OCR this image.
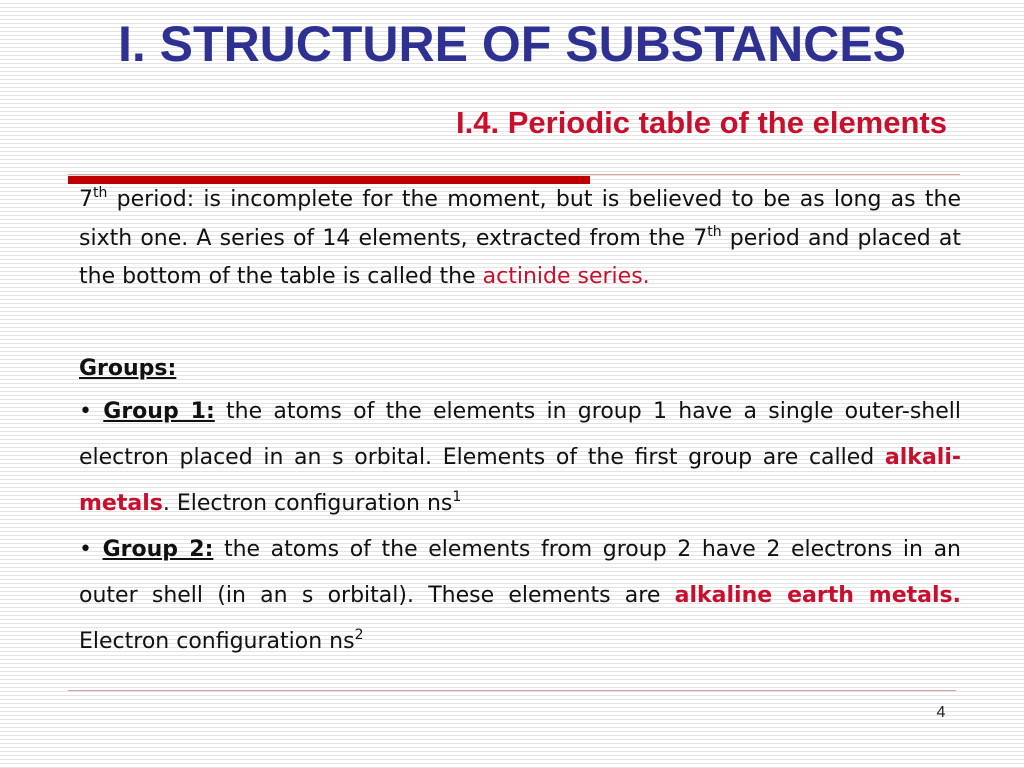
I. STRUCTURE OF SUBSTANCES
I.4. Periodic table of the elements

7th period: is incomplete for the moment, but is believed to be as long as the sixth one. A series of 14 elements, extracted from the 7th period and placed at the bottom of the table is called the actinide series.

Groups:

• Group 1: the atoms of the elements in group 1 have a single outer-shell electron placed in an s orbital. Elements of the first group are called alkali-metals. Electron configuration $ns^1$

• Group 2: the atoms of the elements from group 2 have 2 electrons in an outer shell (in an s orbital). These elements are alkaline earth metals. Electron configuration $ns^2$

4
